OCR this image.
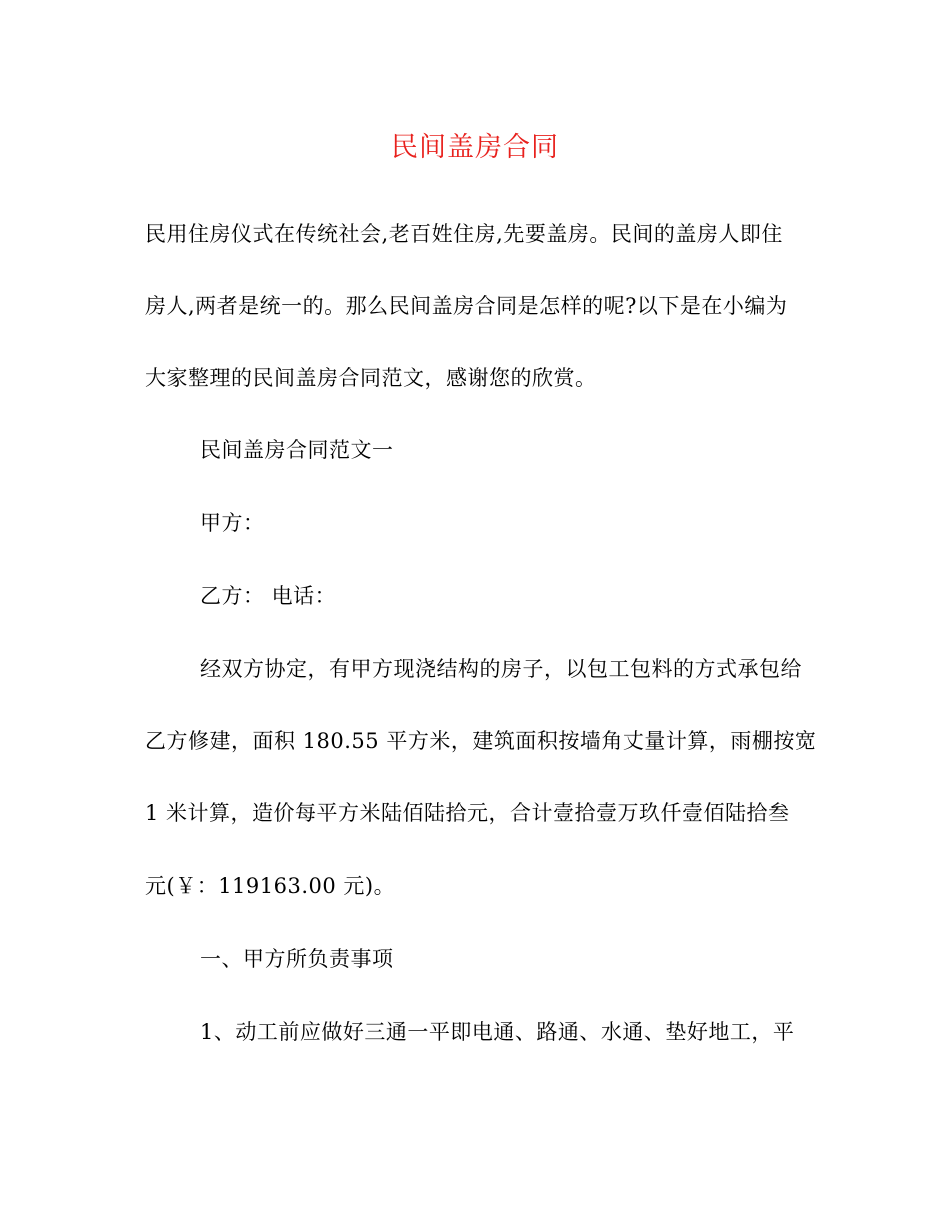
民间盖房合同
民用住房仪式在传统社会,老百姓住房,先要盖房。民间的盖房人即住
房人,两者是统一的。那么民间盖房合同是怎样的呢?以下是在小编为
大家整理的民间盖房合同范文，感谢您的欣赏。
民间盖房合同范文一
甲方：
乙方： 电话：
经双方协定，有甲方现浇结构的房子，以包工包料的方式承包给
乙方修建，面积 180.55 平方米，建筑面积按墙角丈量计算，雨棚按宽
1 米计算，造价每平方米陆佰陆拾元，合计壹拾壹万玖仟壹佰陆拾叁
元(￥：119163.00 元)。
一、甲方所负责事项
1、动工前应做好三通一平即电通、路通、水通、垫好地工，平
